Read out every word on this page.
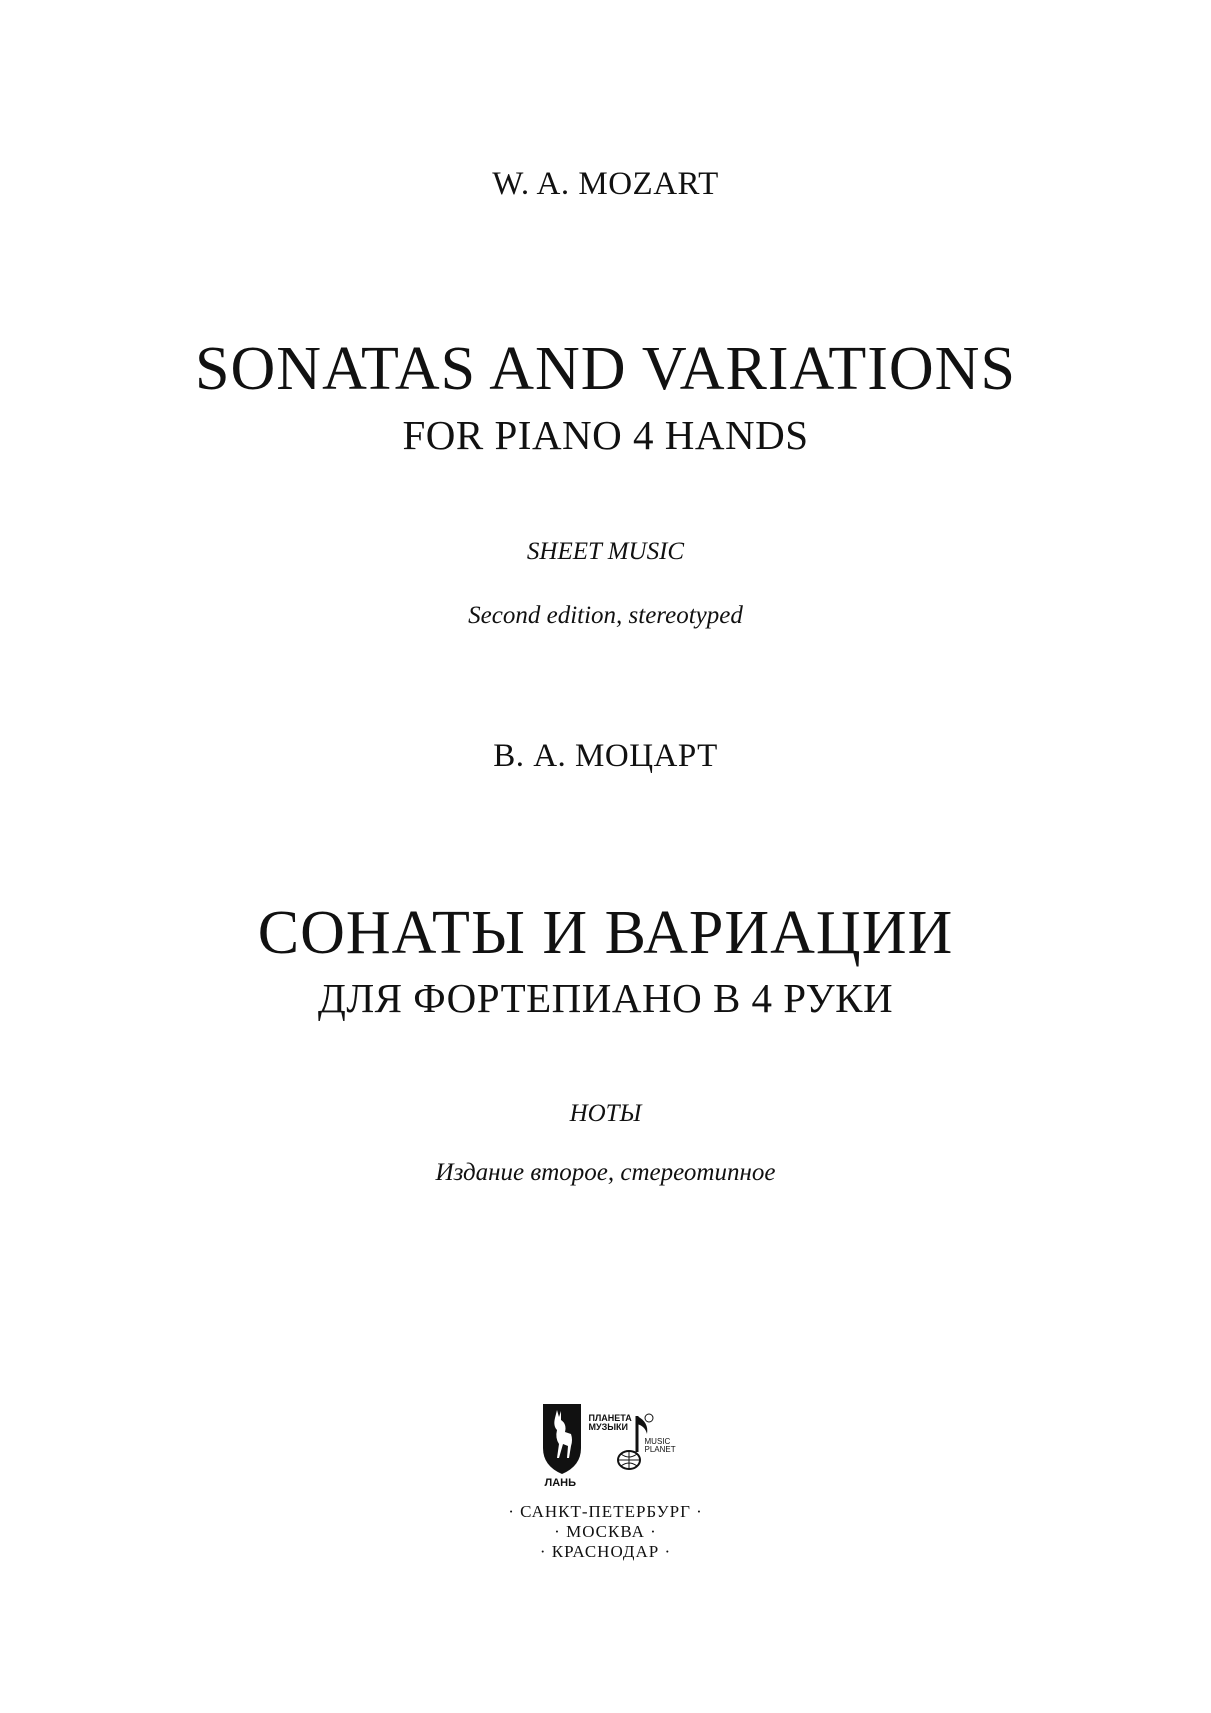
W. A. MOZART
SONATAS AND VARIATIONS
FOR PIANO 4 HANDS
SHEET MUSIC
Second edition, stereotyped
В. А. МОЦАРТ
СОНАТЫ И ВАРИАЦИИ
ДЛЯ ФОРТЕПИАНО В 4 РУКИ
НОТЫ
Издание второе, стереотипное
ЛАНЬ
ПЛАНЕТА МУЗЫКИ
MUSIC PLANET
· САНКТ-ПЕТЕРБУРГ ·
· МОСКВА ·
· КРАСНОДАР ·
